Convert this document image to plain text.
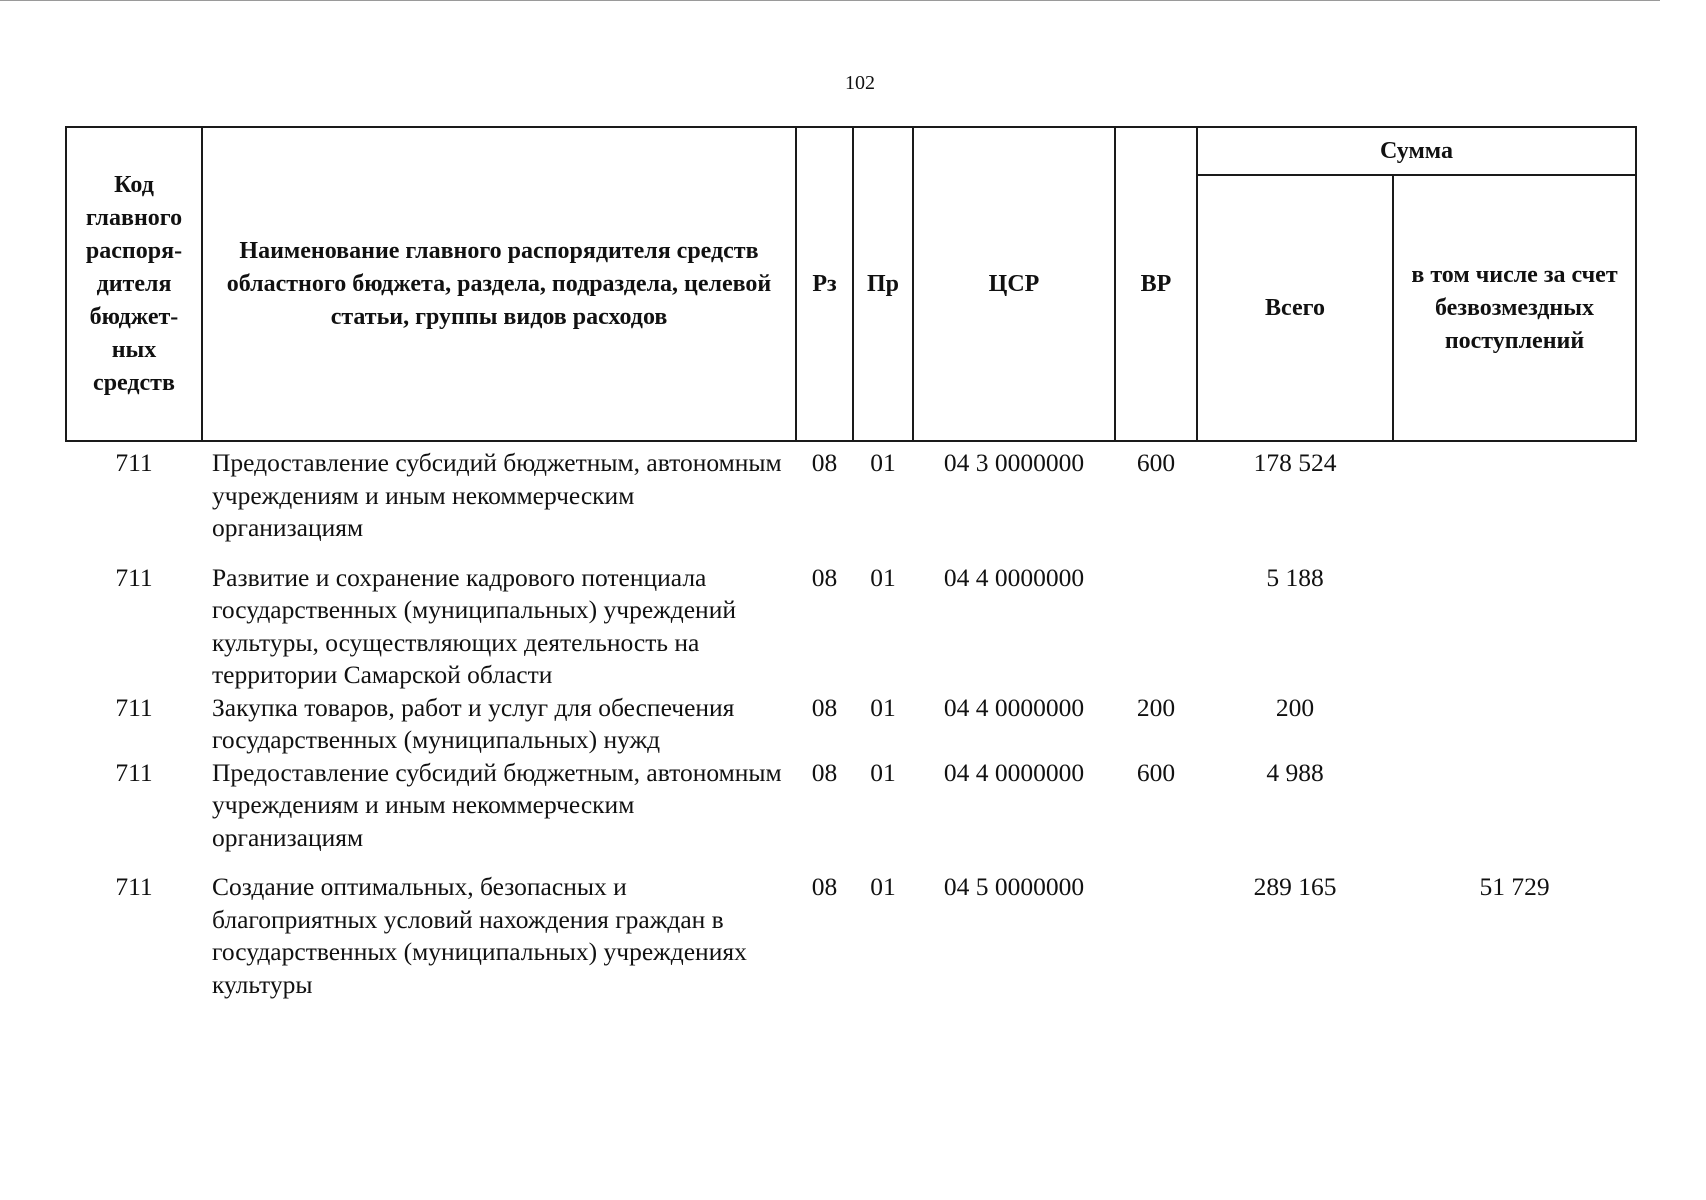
102
Код главного распоря-дителя бюджет-ных средств	Наименование главного распорядителя средств областного бюджета, раздела, подраздела, целевой статьи, группы видов расходов	Рз	Пр	ЦСР	ВР	Сумма	
						Всего	в том числе за счет безвозмездных поступлений
711	Предоставление субсидий бюджетным, автономным учреждениям и иным некоммерческим организациям	08	01	04 3 0000000	600	178 524	

711	Развитие и сохранение кадрового потенциала государственных (муниципальных) учреждений культуры, осуществляющих деятельность на территории Самарской области	08	01	04 4 0000000		5 188	
711	Закупка товаров, работ и услуг для обеспечения государственных (муниципальных) нужд	08	01	04 4 0000000	200	200	
711	Предоставление субсидий бюджетным, автономным учреждениям и иным некоммерческим организациям	08	01	04 4 0000000	600	4 988	

711	Создание оптимальных, безопасных и благоприятных условий нахождения граждан в государственных (муниципальных) учреждениях культуры	08	01	04 5 0000000		289 165	51 729
